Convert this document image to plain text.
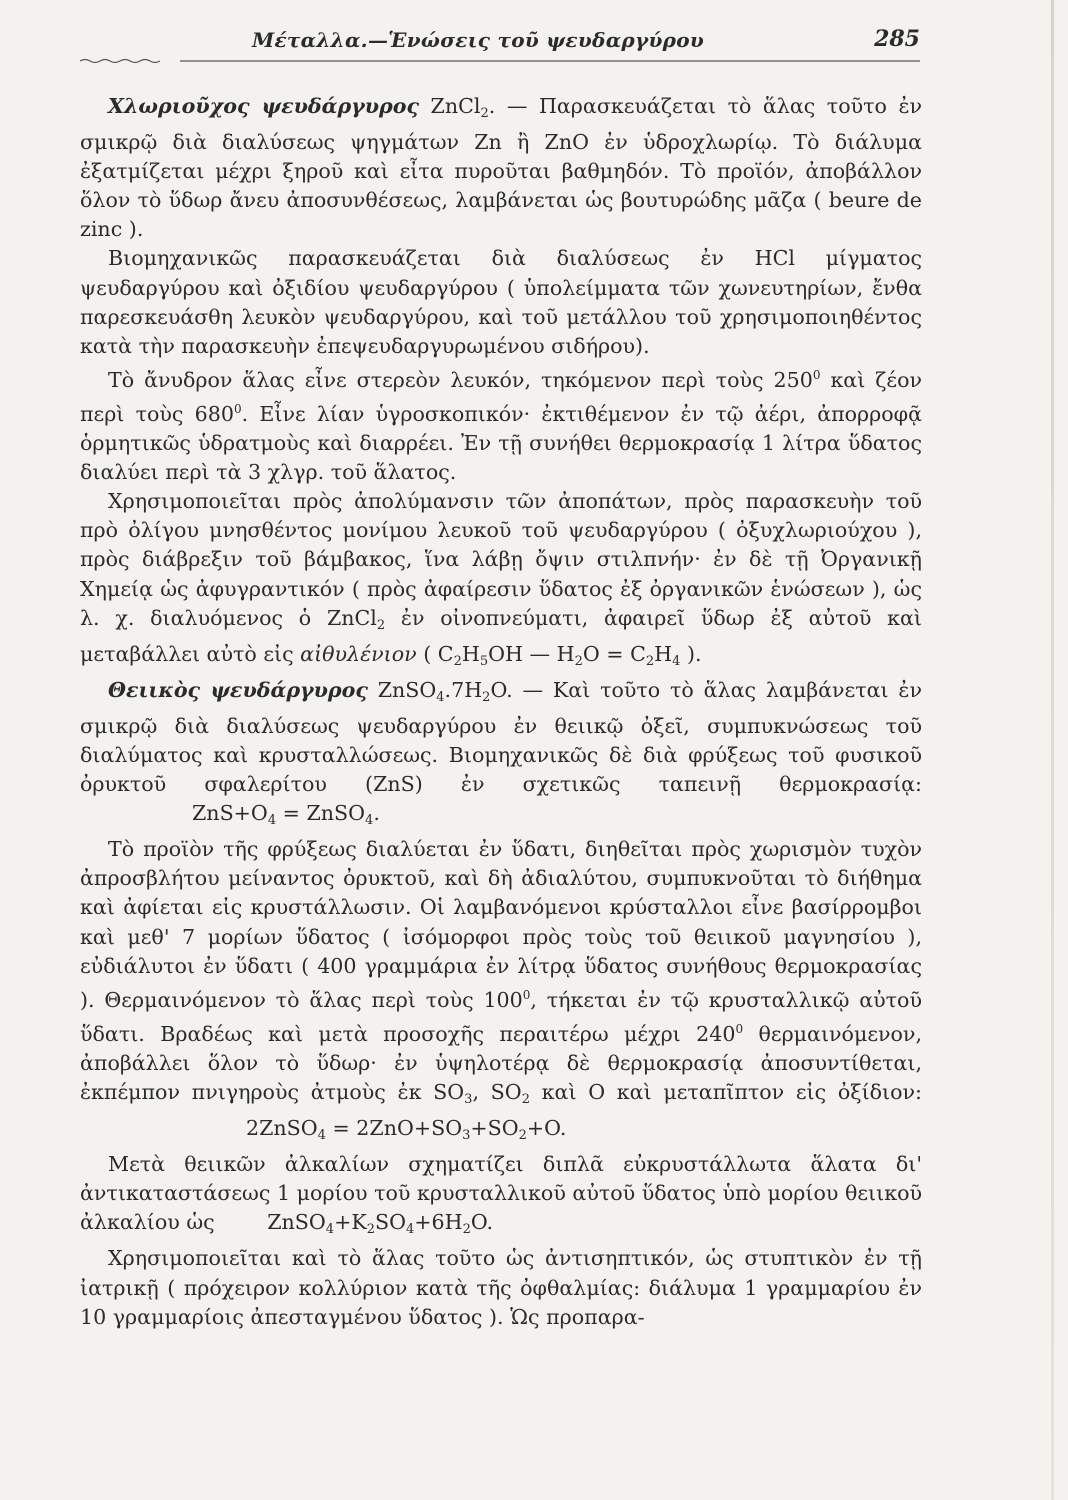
Μέταλλα.—Ἑνώσεις τοῦ ψευδαργύρου	285

Χλωριοῦχος ψευδάργυρος ZnCl$_2$. — Παρασκευάζεται τὸ ἅλας τοῦτο ἐν σμικρῷ διὰ διαλύσεως ψηγμάτων Zn ἢ ZnO ἐν ὑδροχλωρίῳ. Τὸ διάλυμα ἐξατμίζεται μέχρι ξηροῦ καὶ εἶτα πυροῦται βαθμηδόν. Τὸ προϊόν, ἀποβάλλον ὅλον τὸ ὕδωρ ἄνευ ἀποσυνθέσεως, λαμβάνεται ὡς βουτυρώδης μᾶζα ( beure de zinc ).

Βιομηχανικῶς παρασκευάζεται διὰ διαλύσεως ἐν HCl μίγματος ψευδαργύρου καὶ ὀξιδίου ψευδαργύρου ( ὑπολείμματα τῶν χωνευτηρίων, ἔνθα παρεσκευάσθη λευκὸν ψευδαργύρου, καὶ τοῦ μετάλλου τοῦ χρησιμοποιηθέντος κατὰ τὴν παρασκευὴν ἐπεψευδαργυρωμένου σιδήρου).

Τὸ ἄνυδρον ἅλας εἶνε στερεὸν λευκόν, τηκόμενον περὶ τοὺς $250^0$ καὶ ζέον περὶ τοὺς $680^0$. Εἶνε λίαν ὑγροσκοπικόν· ἐκτιθέμενον ἐν τῷ ἀέρι, ἀπορροφᾷ ὁρμητικῶς ὑδρατμοὺς καὶ διαρρέει. Ἐν τῇ συνήθει θερμοκρασίᾳ 1 λίτρα ὕδατος διαλύει περὶ τὰ 3 χλγρ. τοῦ ἅλατος.

Χρησιμοποιεῖται πρὸς ἀπολύμανσιν τῶν ἀποπάτων, πρὸς παρασκευὴν τοῦ πρὸ ὀλίγου μνησθέντος μονίμου λευκοῦ τοῦ ψευδαργύρου ( ὀξυχλωριούχου ), πρὸς διάβρεξιν τοῦ βάμβακος, ἵνα λάβῃ ὄψιν στιλπνήν· ἐν δὲ τῇ Ὀργανικῇ Χημείᾳ ὡς ἀφυγραντικόν ( πρὸς ἀφαίρεσιν ὕδατος ἐξ ὀργανικῶν ἑνώσεων ), ὡς λ. χ. διαλυόμενος ὁ ZnCl$_2$ ἐν οἰνοπνεύματι, ἀφαιρεῖ ὕδωρ ἐξ αὐτοῦ καὶ μεταβάλλει αὐτὸ εἰς αἰθυλένιον ( $C_2H_5OH$ — $H_2O = C_2H_4$ ).

Θειικὸς ψευδάργυρος $ZnSO_4.7H_2O$. — Καὶ τοῦτο τὸ ἅλας λαμβάνεται ἐν σμικρῷ διὰ διαλύσεως ψευδαργύρου ἐν θειικῷ ὀξεῖ, συμπυκνώσεως τοῦ διαλύματος καὶ κρυσταλλώσεως. Βιομηχανικῶς δὲ διὰ φρύξεως τοῦ φυσικοῦ ὀρυκτοῦ σφαλερίτου (ZnS) ἐν σχετικῶς ταπεινῇ θερμοκρασίᾳ: $ZnS+O_4$ = ZnSO$_4$.

Τὸ προϊὸν τῆς φρύξεως διαλύεται ἐν ὕδατι, διηθεῖται πρὸς χωρισμὸν τυχὸν ἀπροσβλήτου μείναντος ὀρυκτοῦ, καὶ δὴ ἀδιαλύτου, συμπυκνοῦται τὸ διήθημα καὶ ἀφίεται εἰς κρυστάλλωσιν. Οἱ λαμβανόμενοι κρύσταλλοι εἶνε βασίρρομβοι καὶ μεθ' 7 μορίων ὕδατος ( ἰσόμορφοι πρὸς τοὺς τοῦ θειικοῦ μαγνησίου ), εὐδιάλυτοι ἐν ὕδατι ( 400 γραμμάρια ἐν λίτρᾳ ὕδατος συνήθους θερμοκρασίας ). Θερμαινόμενον τὸ ἅλας περὶ τοὺς $100^0$, τήκεται ἐν τῷ κρυσταλλικῷ αὐτοῦ ὕδατι. Βραδέως καὶ μετὰ προσοχῆς περαιτέρω μέχρι $240^0$ θερμαινόμενον, ἀποβάλλει ὅλον τὸ ὕδωρ· ἐν ὑψηλοτέρᾳ δὲ θερμοκρασίᾳ ἀποσυντίθεται, ἐκπέμπον πνιγηροὺς ἀτμοὺς ἐκ $SO_3$, $SO_2$ καὶ O καὶ μεταπῖπτον εἰς ὀξίδιον: 2ZnSO$_4$ = $2ZnO+SO_3+SO_2+O$.

Μετὰ θειικῶν ἀλκαλίων σχηματίζει διπλᾶ εὐκρυστάλλωτα ἅλατα δι' ἀντικαταστάσεως 1 μορίου τοῦ κρυσταλλικοῦ αὐτοῦ ὕδατος ὑπὸ μορίου θειικοῦ ἀλκαλίου ὡς	$ZnSO_4+K_2SO_4+6H_2O$.

Χρησιμοποιεῖται καὶ τὸ ἅλας τοῦτο ὡς ἀντισηπτικόν, ὡς στυπτικὸν ἐν τῇ ἰατρικῇ ( πρόχειρον κολλύριον κατὰ τῆς ὀφθαλμίας: διάλυμα 1 γραμμαρίου ἐν 10 γραμμαρίοις ἀπεσταγμένου ὕδατος ). Ὡς προπαρα-
